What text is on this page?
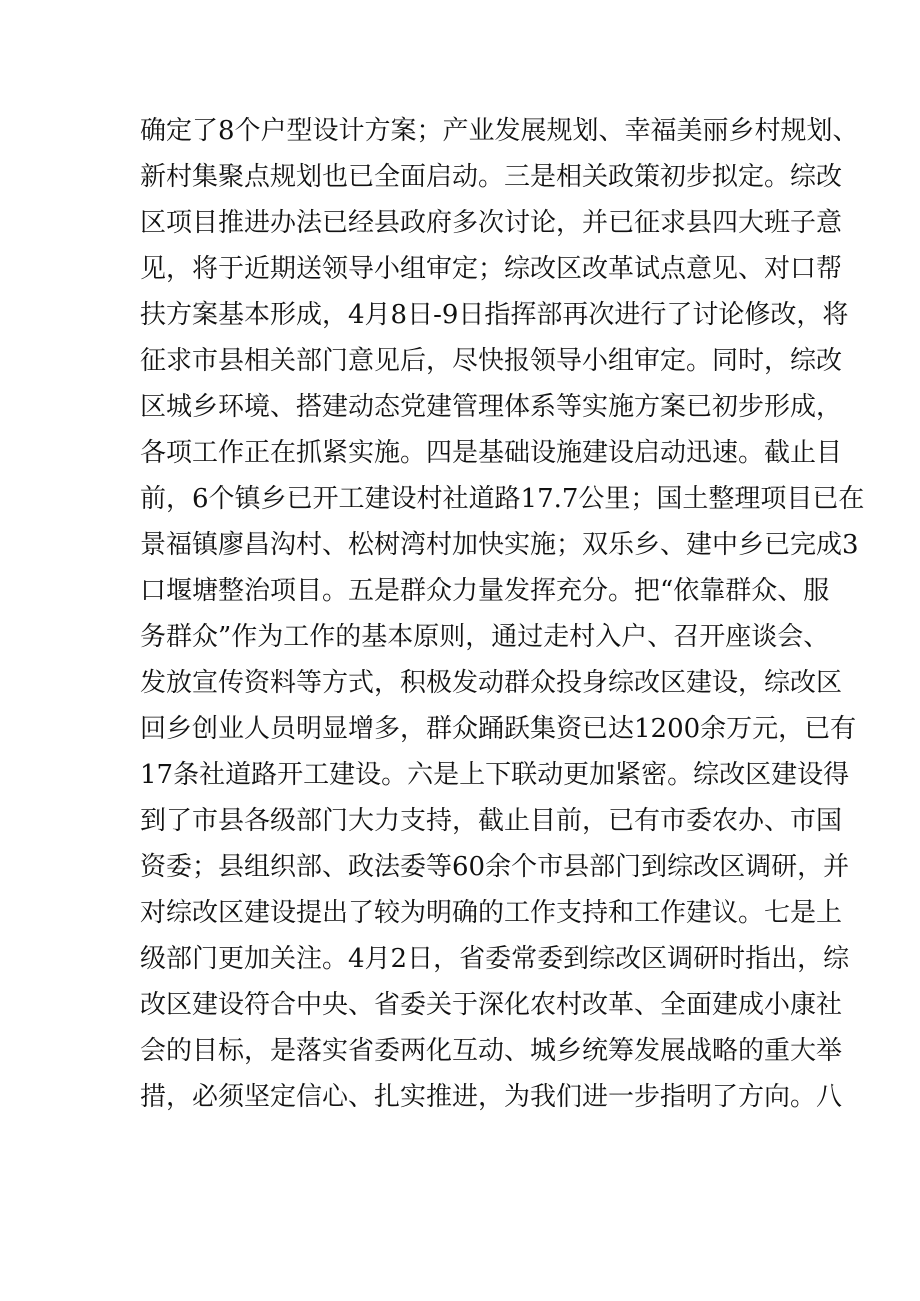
确定了8个户型设计方案；产业发展规划、幸福美丽乡村规划、
新村集聚点规划也已全面启动。三是相关政策初步拟定。综改
区项目推进办法已经县政府多次讨论，并已征求县四大班子意
见，将于近期送领导小组审定；综改区改革试点意见、对口帮
扶方案基本形成，4月8日-9日指挥部再次进行了讨论修改，将
征求市县相关部门意见后，尽快报领导小组审定。同时，综改
区城乡环境、搭建动态党建管理体系等实施方案已初步形成，
各项工作正在抓紧实施。四是基础设施建设启动迅速。截止目
前，6个镇乡已开工建设村社道路17.7公里；国土整理项目已在
景福镇廖昌沟村、松树湾村加快实施；双乐乡、建中乡已完成3
口堰塘整治项目。五是群众力量发挥充分。把“依靠群众、服
务群众”作为工作的基本原则，通过走村入户、召开座谈会、
发放宣传资料等方式，积极发动群众投身综改区建设，综改区
回乡创业人员明显增多，群众踊跃集资已达1200余万元，已有
17条社道路开工建设。六是上下联动更加紧密。综改区建设得
到了市县各级部门大力支持，截止目前，已有市委农办、市国
资委；县组织部、政法委等60余个市县部门到综改区调研，并
对综改区建设提出了较为明确的工作支持和工作建议。七是上
级部门更加关注。4月2日，省委常委到综改区调研时指出，综
改区建设符合中央、省委关于深化农村改革、全面建成小康社
会的目标，是落实省委两化互动、城乡统筹发展战略的重大举
措，必须坚定信心、扎实推进，为我们进一步指明了方向。八
